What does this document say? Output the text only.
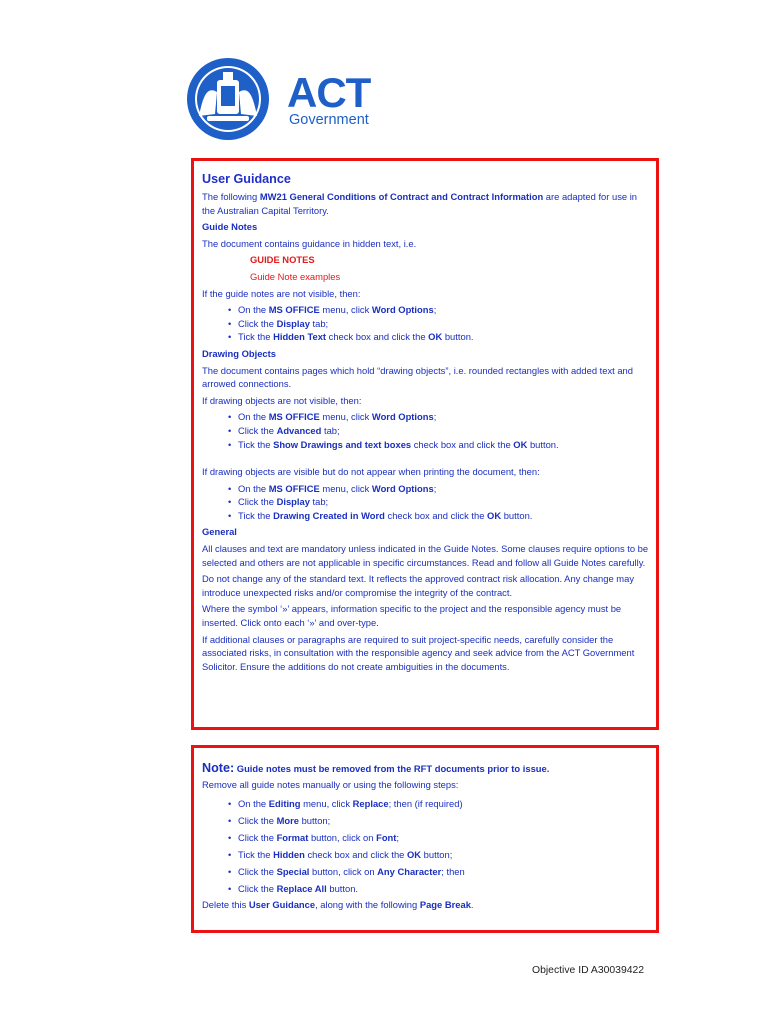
ACT
Government
User Guidance

The following MW21 General Conditions of Contract and Contract Information are adapted for use in the Australian Capital Territory.

Guide Notes

The document contains guidance in hidden text, i.e.

GUIDE NOTES

Guide Note examples

If the guide notes are not visible, then:

• On the MS OFFICE menu, click Word Options;
• Click the Display tab;
• Tick the Hidden Text check box and click the OK button.

Drawing Objects

The document contains pages which hold “drawing objects”, i.e. rounded rectangles with added text and arrowed connections.

If drawing objects are not visible, then:

• On the MS OFFICE menu, click Word Options;
• Click the Advanced tab;
• Tick the Show Drawings and text boxes check box and click the OK button.

If drawing objects are visible but do not appear when printing the document, then:

• On the MS OFFICE menu, click Word Options;
• Click the Display tab;
• Tick the Drawing Created in Word check box and click the OK button.

General

All clauses and text are mandatory unless indicated in the Guide Notes. Some clauses require options to be selected and others are not applicable in specific circumstances. Read and follow all Guide Notes carefully.

Do not change any of the standard text. It reflects the approved contract risk allocation. Any change may introduce unexpected risks and/or compromise the integrity of the contract.

Where the symbol ‘»’ appears, information specific to the project and the responsible agency must be inserted. Click onto each ‘»’ and over-type.

If additional clauses or paragraphs are required to suit project-specific needs, carefully consider the associated risks, in consultation with the responsible agency and seek advice from the ACT Government Solicitor. Ensure the additions do not create ambiguities in the documents.

Note: Guide notes must be removed from the RFT documents prior to issue.

Remove all guide notes manually or using the following steps:

• On the Editing menu, click Replace; then (if required)
• Click the More button;
• Click the Format button, click on Font;
• Tick the Hidden check box and click the OK button;
• Click the Special button, click on Any Character; then
• Click the Replace All button.

Delete this User Guidance, along with the following Page Break.

Objective ID A30039422
